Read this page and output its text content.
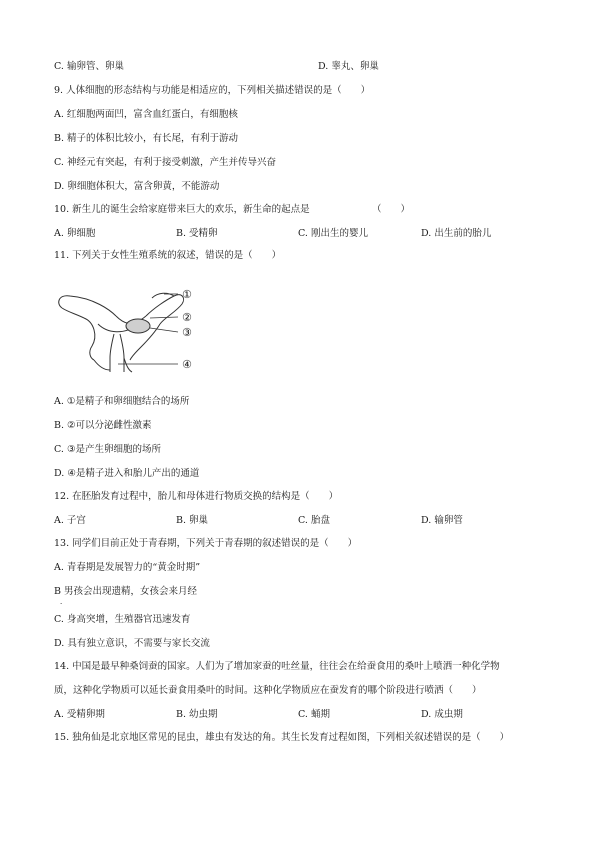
C. 输卵管、卵巢	D. 睾丸、卵巢
9. 人体细胞的形态结构与功能是相适应的，下列相关描述错误的是（　　）
A. 红细胞两面凹，富含血红蛋白，有细胞核
B. 精子的体积比较小，有长尾，有利于游动
C. 神经元有突起，有利于接受刺激，产生并传导兴奋
D. 卵细胞体积大，富含卵黄，不能游动
10. 新生儿的诞生会给家庭带来巨大的欢乐，新生命的起点是	（　　）
A. 卵细胞	B. 受精卵	C. 刚出生的婴儿	D. 出生前的胎儿
11. 下列关于女性生殖系统的叙述，错误的是（　　）
①
②
③
④
A. ①是精子和卵细胞结合的场所
B. ②可以分泌雌性激素
C. ③是产生卵细胞的场所
D. ④是精子进入和胎儿产出的通道
12. 在胚胎发育过程中，胎儿和母体进行物质交换的结构是（　　）
A. 子宫	B. 卵巢	C. 胎盘	D. 输卵管
13. 同学们目前正处于青春期，下列关于青春期的叙述错误的是（　　）
A. 青春期是发展智力的“黄金时期”
B 男孩会出现遗精，女孩会来月经
.
C. 身高突增，生殖器官迅速发育
D. 具有独立意识，不需要与家长交流
14. 中国是最早种桑饲蚕的国家。人们为了增加家蚕的吐丝量，往往会在给蚕食用的桑叶上喷洒一种化学物
质，这种化学物质可以延长蚕食用桑叶的时间。这种化学物质应在蚕发育的哪个阶段进行喷洒（　　）
A. 受精卵期	B. 幼虫期	C. 蛹期	D. 成虫期
15. 独角仙是北京地区常见的昆虫，雄虫有发达的角。其生长发育过程如图，下列相关叙述错误的是（　　）
